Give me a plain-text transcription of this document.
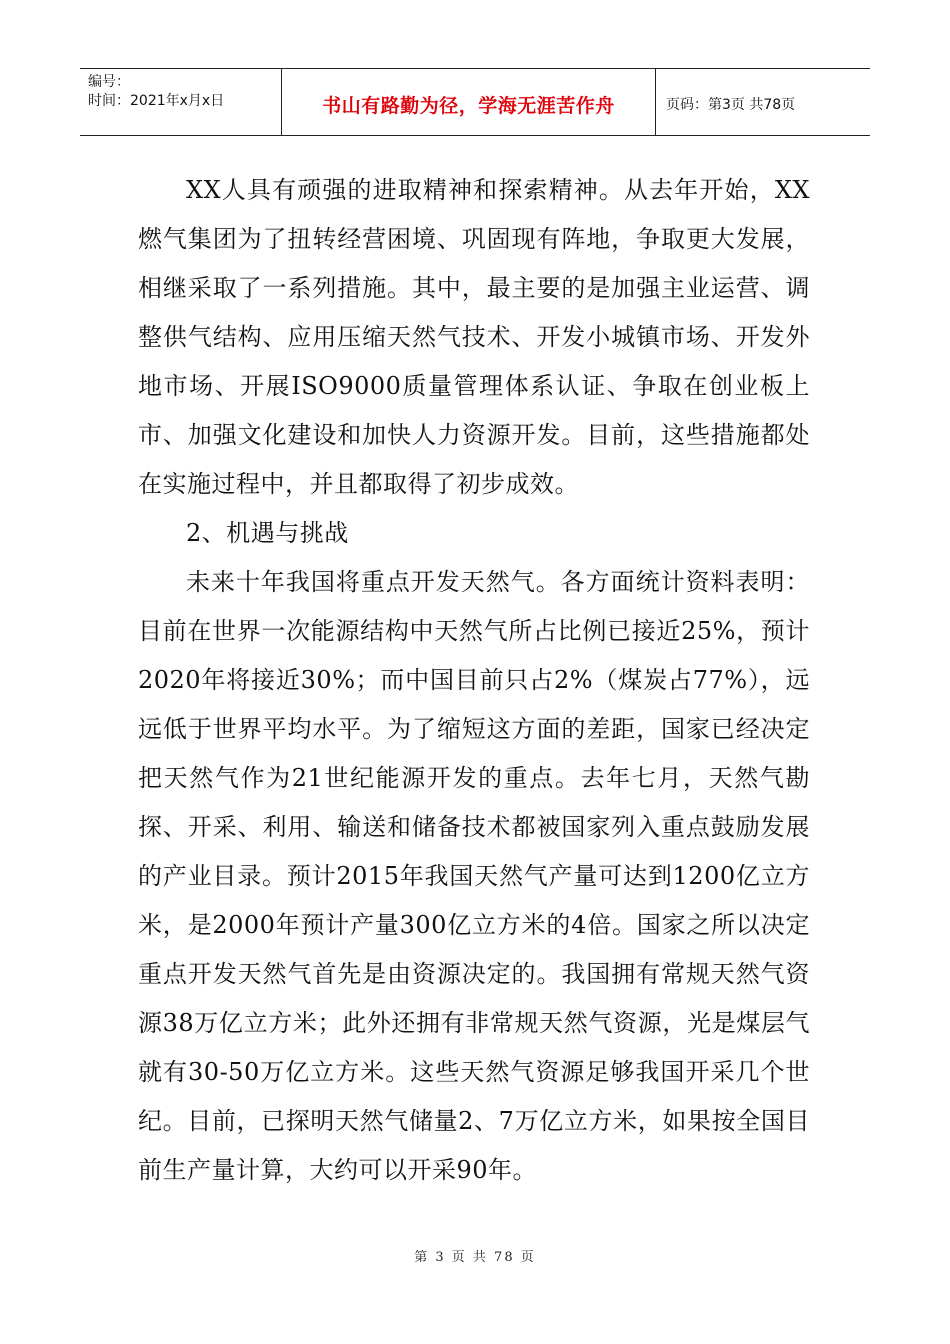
编号：
时间：2021年x月x日	书山有路勤为径，学海无涯苦作舟	页码：第3页 共78页

XX人具有顽强的进取精神和探索精神。从去年开始，XX燃气集团为了扭转经营困境、巩固现有阵地，争取更大发展，相继采取了一系列措施。其中，最主要的是加强主业运营、调整供气结构、应用压缩天然气技术、开发小城镇市场、开发外地市场、开展ISO9000质量管理体系认证、争取在创业板上市、加强文化建设和加快人力资源开发。目前，这些措施都处在实施过程中，并且都取得了初步成效。

2、机遇与挑战

未来十年我国将重点开发天然气。各方面统计资料表明：目前在世界一次能源结构中天然气所占比例已接近25%，预计2020年将接近30%；而中国目前只占2%（煤炭占77%），远远低于世界平均水平。为了缩短这方面的差距，国家已经决定把天然气作为21世纪能源开发的重点。去年七月，天然气勘探、开采、利用、输送和储备技术都被国家列入重点鼓励发展的产业目录。预计2015年我国天然气产量可达到1200亿立方米，是2000年预计产量300亿立方米的4倍。国家之所以决定重点开发天然气首先是由资源决定的。我国拥有常规天然气资源38万亿立方米；此外还拥有非常规天然气资源，光是煤层气就有30-50万亿立方米。这些天然气资源足够我国开采几个世纪。目前，已探明天然气储量2、7万亿立方米，如果按全国目前生产量计算，大约可以开采90年。

第 3 页 共 78 页
